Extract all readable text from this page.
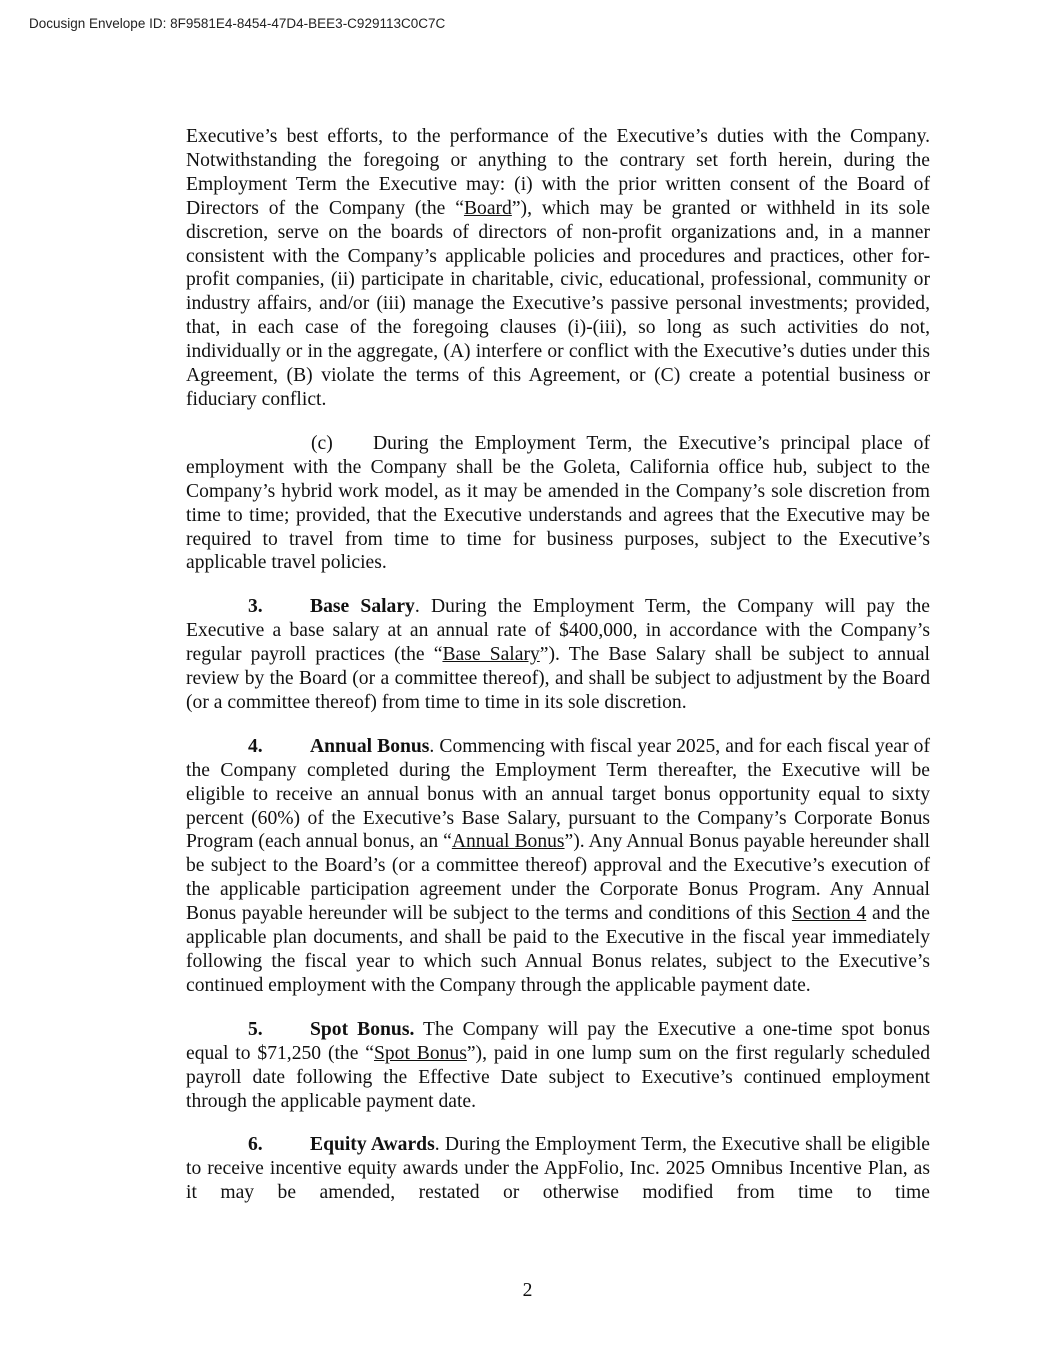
Docusign Envelope ID: 8F9581E4-8454-47D4-BEE3-C929113C0C7C

Executive’s best efforts, to the performance of the Executive’s duties with the Company. Notwithstanding the foregoing or anything to the contrary set forth herein, during the Employment Term the Executive may: (i) with the prior written consent of the Board of Directors of the Company (the “Board”), which may be granted or withheld in its sole discretion, serve on the boards of directors of non-profit organizations and, in a manner consistent with the Company’s applicable policies and procedures and practices, other for-profit companies, (ii) participate in charitable, civic, educational, professional, community or industry affairs, and/or (iii) manage the Executive’s passive personal investments; provided, that, in each case of the foregoing clauses (i)-(iii), so long as such activities do not, individually or in the aggregate, (A) interfere or conflict with the Executive’s duties under this Agreement, (B) violate the terms of this Agreement, or (C) create a potential business or fiduciary conflict.

(c) During the Employment Term, the Executive’s principal place of employment with the Company shall be the Goleta, California office hub, subject to the Company’s hybrid work model, as it may be amended in the Company’s sole discretion from time to time; provided, that the Executive understands and agrees that the Executive may be required to travel from time to time for business purposes, subject to the Executive’s applicable travel policies.

3. Base Salary. During the Employment Term, the Company will pay the Executive a base salary at an annual rate of $400,000, in accordance with the Company’s regular payroll practices (the “Base Salary”). The Base Salary shall be subject to annual review by the Board (or a committee thereof), and shall be subject to adjustment by the Board (or a committee thereof) from time to time in its sole discretion.

4. Annual Bonus. Commencing with fiscal year 2025, and for each fiscal year of the Company completed during the Employment Term thereafter, the Executive will be eligible to receive an annual bonus with an annual target bonus opportunity equal to sixty percent (60%) of the Executive’s Base Salary, pursuant to the Company’s Corporate Bonus Program (each annual bonus, an “Annual Bonus”). Any Annual Bonus payable hereunder shall be subject to the Board’s (or a committee thereof) approval and the Executive’s execution of the applicable participation agreement under the Corporate Bonus Program. Any Annual Bonus payable hereunder will be subject to the terms and conditions of this Section 4 and the applicable plan documents, and shall be paid to the Executive in the fiscal year immediately following the fiscal year to which such Annual Bonus relates, subject to the Executive’s continued employment with the Company through the applicable payment date.

5. Spot Bonus. The Company will pay the Executive a one-time spot bonus equal to $71,250 (the “Spot Bonus”), paid in one lump sum on the first regularly scheduled payroll date following the Effective Date subject to Executive’s continued employment through the applicable payment date.

6. Equity Awards. During the Employment Term, the Executive shall be eligible to receive incentive equity awards under the AppFolio, Inc. 2025 Omnibus Incentive Plan, as it may be amended, restated or otherwise modified from time to time

2
